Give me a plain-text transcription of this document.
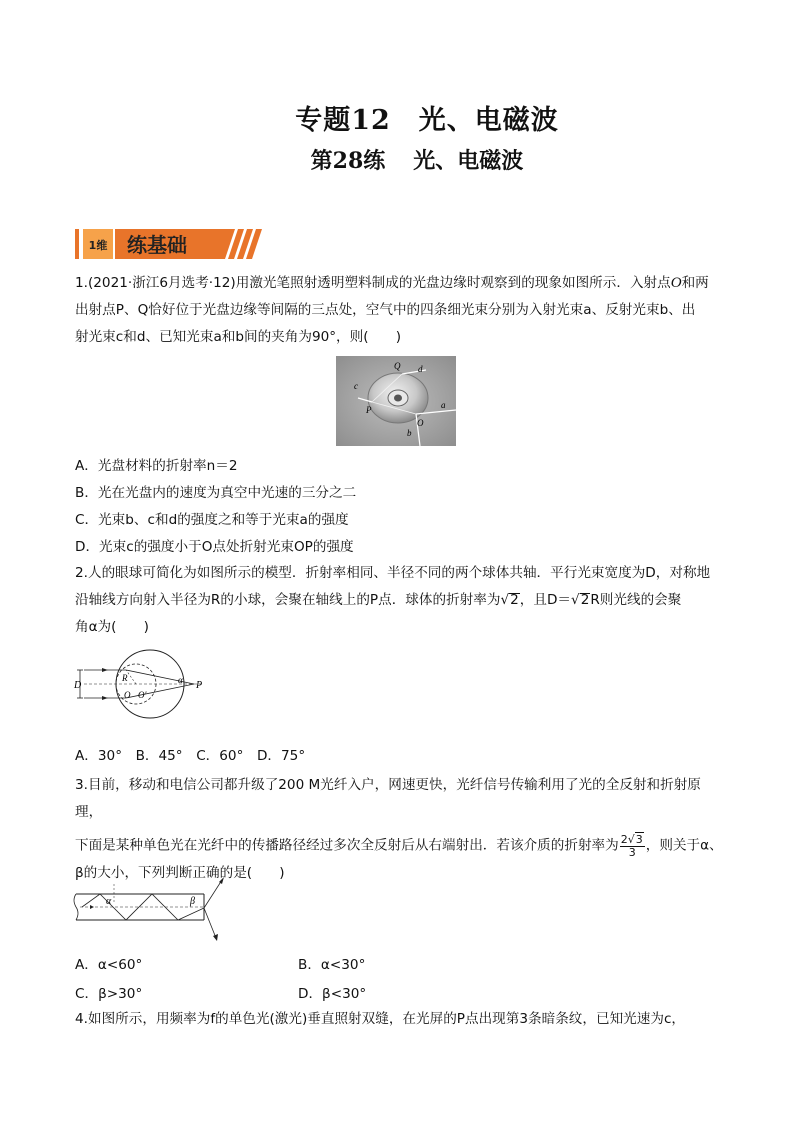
专题12 光、电磁波
第28练 光、电磁波
1维 练基础
1.(2021·浙江6月选考·12)用激光笔照射透明塑料制成的光盘边缘时观察到的现象如图所示．入射点O和两
出射点P、Q恰好位于光盘边缘等间隔的三点处，空气中的四条细光束分别为入射光束a、反射光束b、出
射光束c和d、已知光束a和b间的夹角为90°，则(　　)
Q d
c
P	a
b
O
A．光盘材料的折射率n＝2
B．光在光盘内的速度为真空中光速的三分之二
C．光束b、c和d的强度之和等于光束a的强度
D．光束c的强度小于O点处折射光束OP的强度
2.人的眼球可简化为如图所示的模型．折射率相同、半径不同的两个球体共轴．平行光束宽度为D，对称地
沿轴线方向射入半径为R的小球，会聚在轴线上的P点．球体的折射率为√2，且D＝√2R则光线的会聚
角α为(　　)
D
R	α P
O O′
A．30°　B．45°　C．60°　D．75°
3.目前，移动和电信公司都升级了200 M光纤入户，网速更快，光纤信号传输利用了光的全反射和折射原理，
下面是某种单色光在光纤中的传播路径经过多次全反射后从右端射出．若该介质的折射率为 $\frac{2√3}{3}$ ，则关于α、
β的大小，下列判断正确的是(　　)
α	β
A．α<60°	B．α<30°
C．β>30°	D．β<30°
4.如图所示，用频率为f的单色光(激光)垂直照射双缝，在光屏的P点出现第3条暗条纹，已知光速为c，
